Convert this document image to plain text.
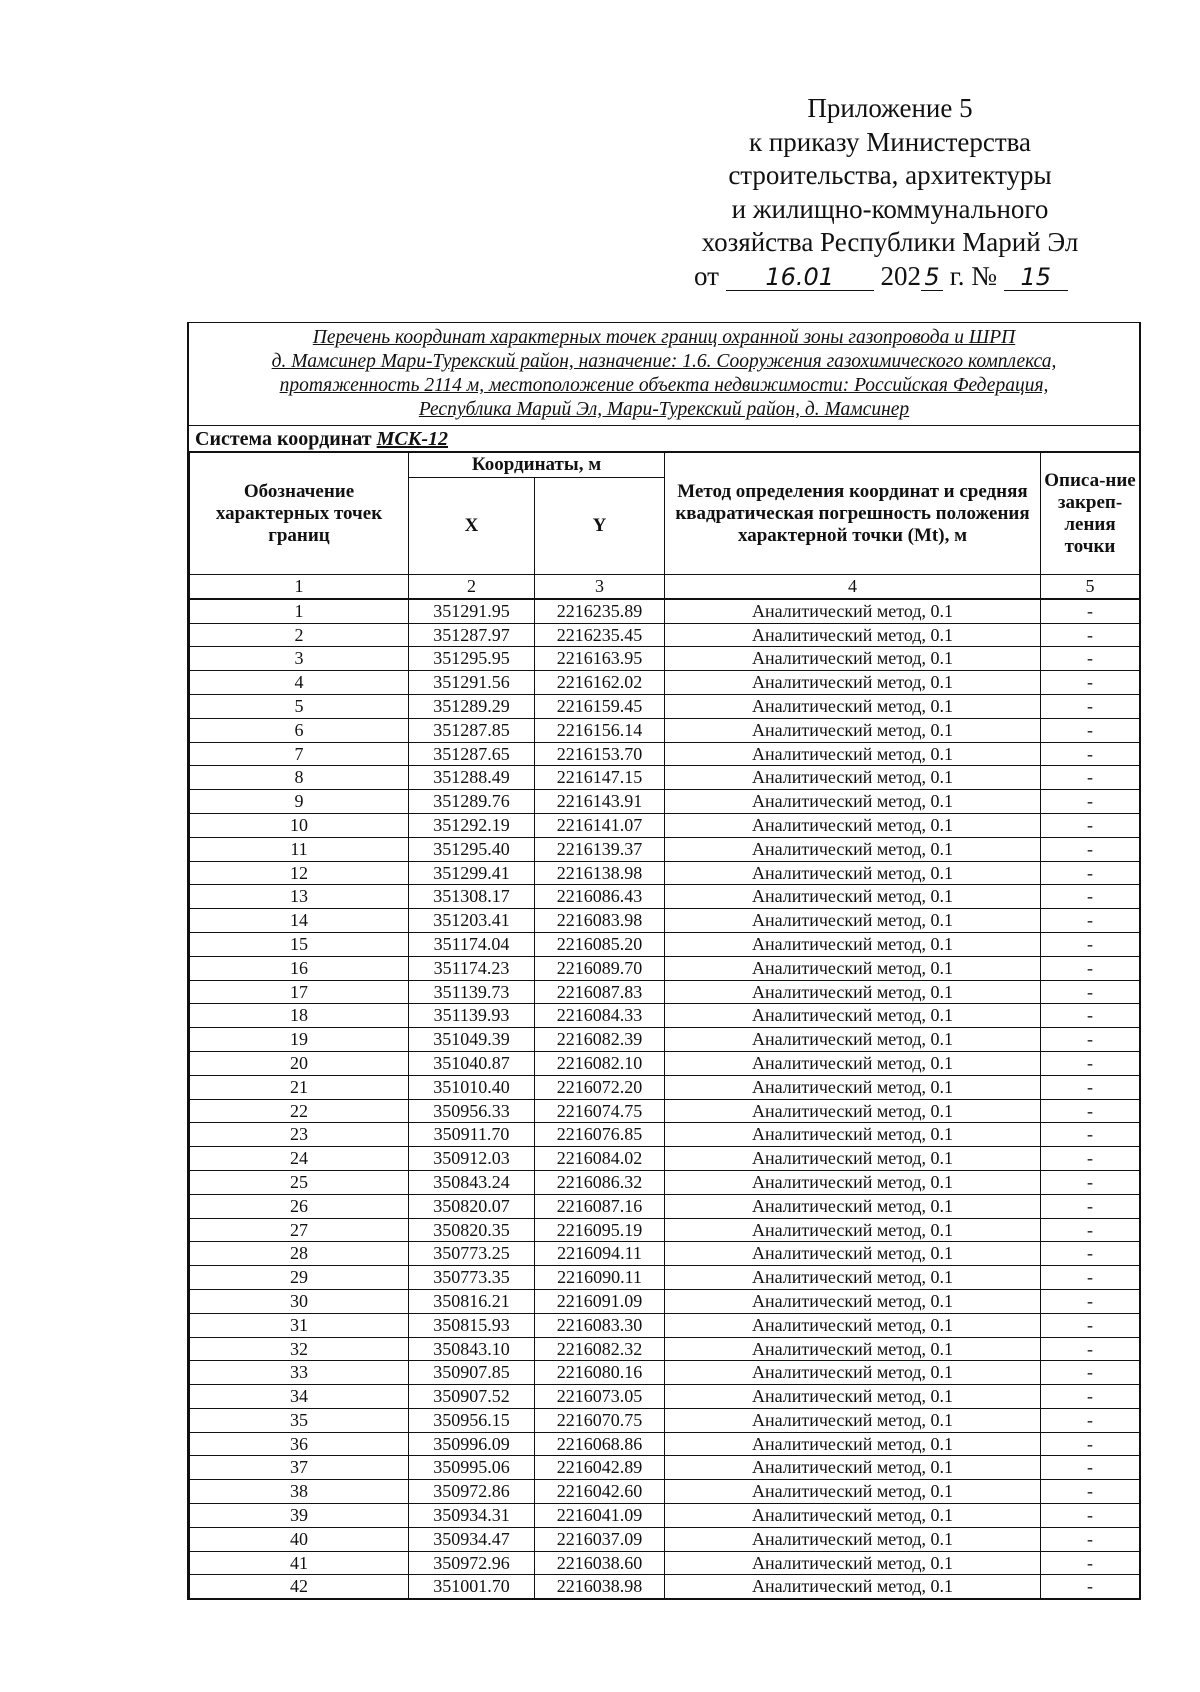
Приложение 5
к приказу Министерства
строительства, архитектуры
и жилищно-коммунального
хозяйства Республики Марий Эл
от 16.01 202 5 г. № 15
Перечень координат характерных точек границ охранной зоны газопровода и ШРП
д. Мамсинер Мари-Турекский район, назначение: 1.6. Сооружения газохимического комплекса,
протяженность 2114 м, местоположение объекта недвижимости: Российская Федерация,
Республика Марий Эл, Мари-Турекский район, д. Мамсинер
Система координат МСК-12
Обозначение характерных точек границ	Координаты, м		Метод определения координат и средняя квадратическая погрешность положения характерной точки (Mt), м	Описа-ние закреп-ления точки
	X	Y		
1	2	3	4	5
1	351291.95	2216235.89	Аналитический метод, 0.1	-
2	351287.97	2216235.45	Аналитический метод, 0.1	-
3	351295.95	2216163.95	Аналитический метод, 0.1	-
4	351291.56	2216162.02	Аналитический метод, 0.1	-
5	351289.29	2216159.45	Аналитический метод, 0.1	-
6	351287.85	2216156.14	Аналитический метод, 0.1	-
7	351287.65	2216153.70	Аналитический метод, 0.1	-
8	351288.49	2216147.15	Аналитический метод, 0.1	-
9	351289.76	2216143.91	Аналитический метод, 0.1	-
10	351292.19	2216141.07	Аналитический метод, 0.1	-
11	351295.40	2216139.37	Аналитический метод, 0.1	-
12	351299.41	2216138.98	Аналитический метод, 0.1	-
13	351308.17	2216086.43	Аналитический метод, 0.1	-
14	351203.41	2216083.98	Аналитический метод, 0.1	-
15	351174.04	2216085.20	Аналитический метод, 0.1	-
16	351174.23	2216089.70	Аналитический метод, 0.1	-
17	351139.73	2216087.83	Аналитический метод, 0.1	-
18	351139.93	2216084.33	Аналитический метод, 0.1	-
19	351049.39	2216082.39	Аналитический метод, 0.1	-
20	351040.87	2216082.10	Аналитический метод, 0.1	-
21	351010.40	2216072.20	Аналитический метод, 0.1	-
22	350956.33	2216074.75	Аналитический метод, 0.1	-
23	350911.70	2216076.85	Аналитический метод, 0.1	-
24	350912.03	2216084.02	Аналитический метод, 0.1	-
25	350843.24	2216086.32	Аналитический метод, 0.1	-
26	350820.07	2216087.16	Аналитический метод, 0.1	-
27	350820.35	2216095.19	Аналитический метод, 0.1	-
28	350773.25	2216094.11	Аналитический метод, 0.1	-
29	350773.35	2216090.11	Аналитический метод, 0.1	-
30	350816.21	2216091.09	Аналитический метод, 0.1	-
31	350815.93	2216083.30	Аналитический метод, 0.1	-
32	350843.10	2216082.32	Аналитический метод, 0.1	-
33	350907.85	2216080.16	Аналитический метод, 0.1	-
34	350907.52	2216073.05	Аналитический метод, 0.1	-
35	350956.15	2216070.75	Аналитический метод, 0.1	-
36	350996.09	2216068.86	Аналитический метод, 0.1	-
37	350995.06	2216042.89	Аналитический метод, 0.1	-
38	350972.86	2216042.60	Аналитический метод, 0.1	-
39	350934.31	2216041.09	Аналитический метод, 0.1	-
40	350934.47	2216037.09	Аналитический метод, 0.1	-
41	350972.96	2216038.60	Аналитический метод, 0.1	-
42	351001.70	2216038.98	Аналитический метод, 0.1	-
